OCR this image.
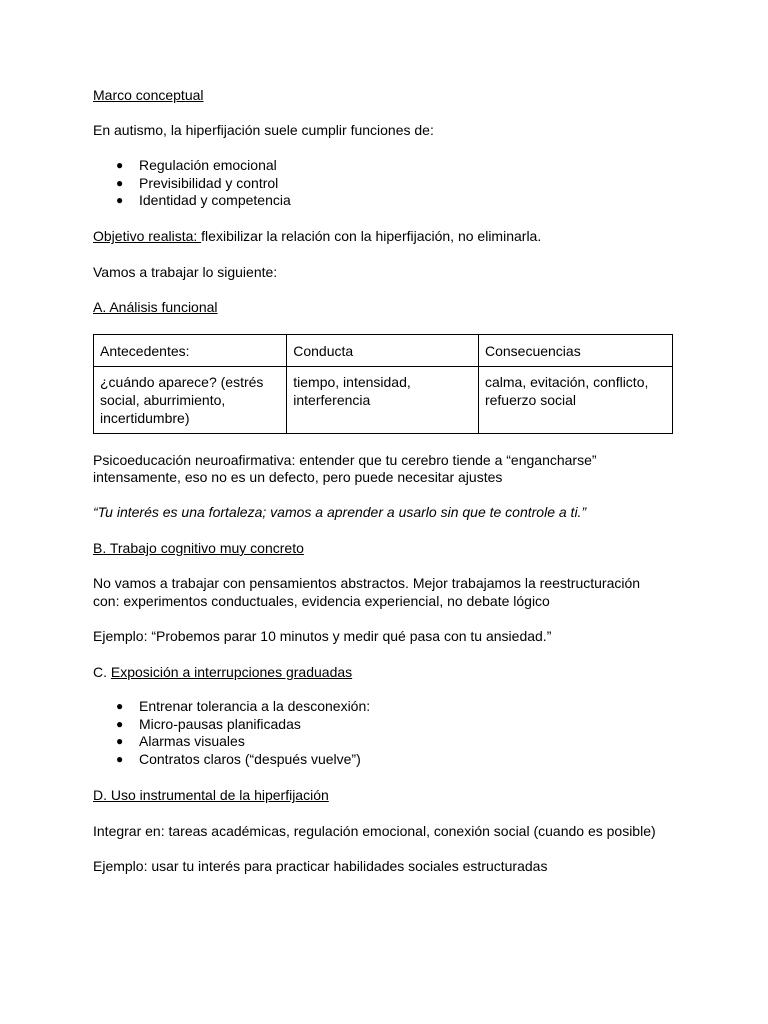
Marco conceptual
En autismo, la hiperfijación suele cumplir funciones de:
● Regulación emocional
● Previsibilidad y control
● Identidad y competencia
Objetivo realista: flexibilizar la relación con la hiperfijación, no eliminarla.
Vamos a trabajar lo siguiente:
A. Análisis funcional
Antecedentes:	Conducta	Consecuencias
¿cuándo aparece? (estrés social, aburrimiento, incertidumbre)	tiempo, intensidad, interferencia	calma, evitación, conflicto, refuerzo social
Psicoeducación neuroafirmativa: entender que tu cerebro tiende a “engancharse”
intensamente, eso no es un defecto, pero puede necesitar ajustes
“Tu interés es una fortaleza; vamos a aprender a usarlo sin que te controle a ti.”
B. Trabajo cognitivo muy concreto
No vamos a trabajar con pensamientos abstractos. Mejor trabajamos la reestructuración
con: experimentos conductuales, evidencia experiencial, no debate lógico
Ejemplo: “Probemos parar 10 minutos y medir qué pasa con tu ansiedad.”
C. Exposición a interrupciones graduadas
● Entrenar tolerancia a la desconexión:
● Micro-pausas planificadas
● Alarmas visuales
● Contratos claros (“después vuelve”)
D. Uso instrumental de la hiperfijación
Integrar en: tareas académicas, regulación emocional, conexión social (cuando es posible)
Ejemplo: usar tu interés para practicar habilidades sociales estructuradas
